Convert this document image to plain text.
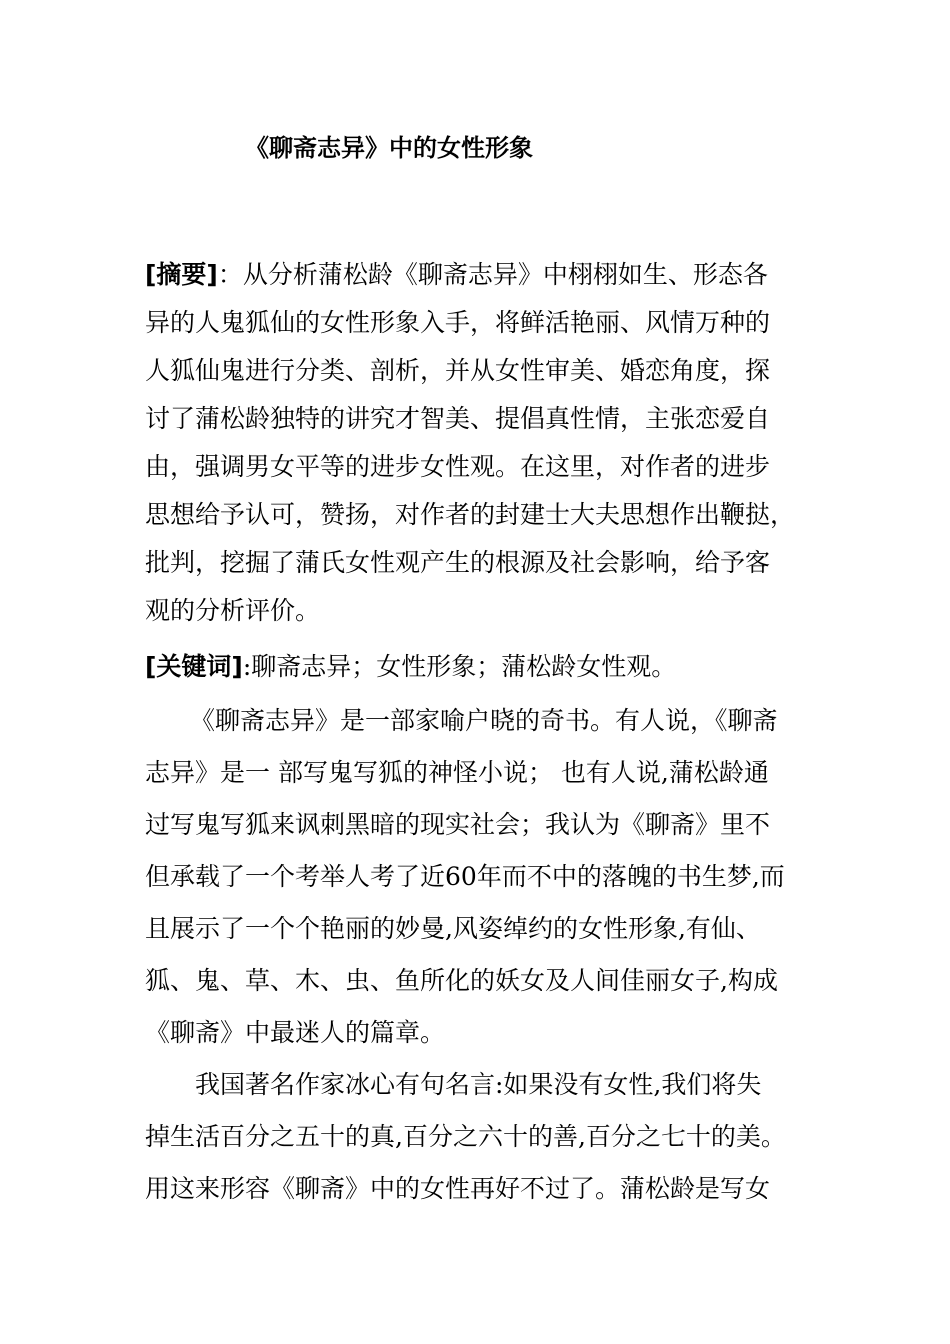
《聊斋志异》中的女性形象
[摘要]：从分析蒲松龄《聊斋志异》中栩栩如生、形态各
异的人鬼狐仙的女性形象入手，将鲜活艳丽、风情万种的
人狐仙鬼进行分类、剖析，并从女性审美、婚恋角度，探
讨了蒲松龄独特的讲究才智美、提倡真性情，主张恋爱自
由，强调男女平等的进步女性观。在这里，对作者的进步
思想给予认可，赞扬，对作者的封建士大夫思想作出鞭挞，
批判，挖掘了蒲氏女性观产生的根源及社会影响，给予客
观的分析评价。
[关键词]:聊斋志异；女性形象；蒲松龄女性观。
《聊斋志异》是一部家喻户晓的奇书。有人说，《聊斋
志异》是一 部写鬼写狐的神怪小说； 也有人说,蒲松龄通
过写鬼写狐来讽刺黑暗的现实社会；我认为《聊斋》里不
但承载了一个考举人考了近60年而不中的落魄的书生梦,而
且展示了一个个艳丽的妙曼,风姿绰约的女性形象,有仙、
狐、鬼、草、木、虫、鱼所化的妖女及人间佳丽女子,构成
《聊斋》中最迷人的篇章。
我国著名作家冰心有句名言:如果没有女性,我们将失
掉生活百分之五十的真,百分之六十的善,百分之七十的美。
用这来形容《聊斋》中的女性再好不过了。蒲松龄是写女
